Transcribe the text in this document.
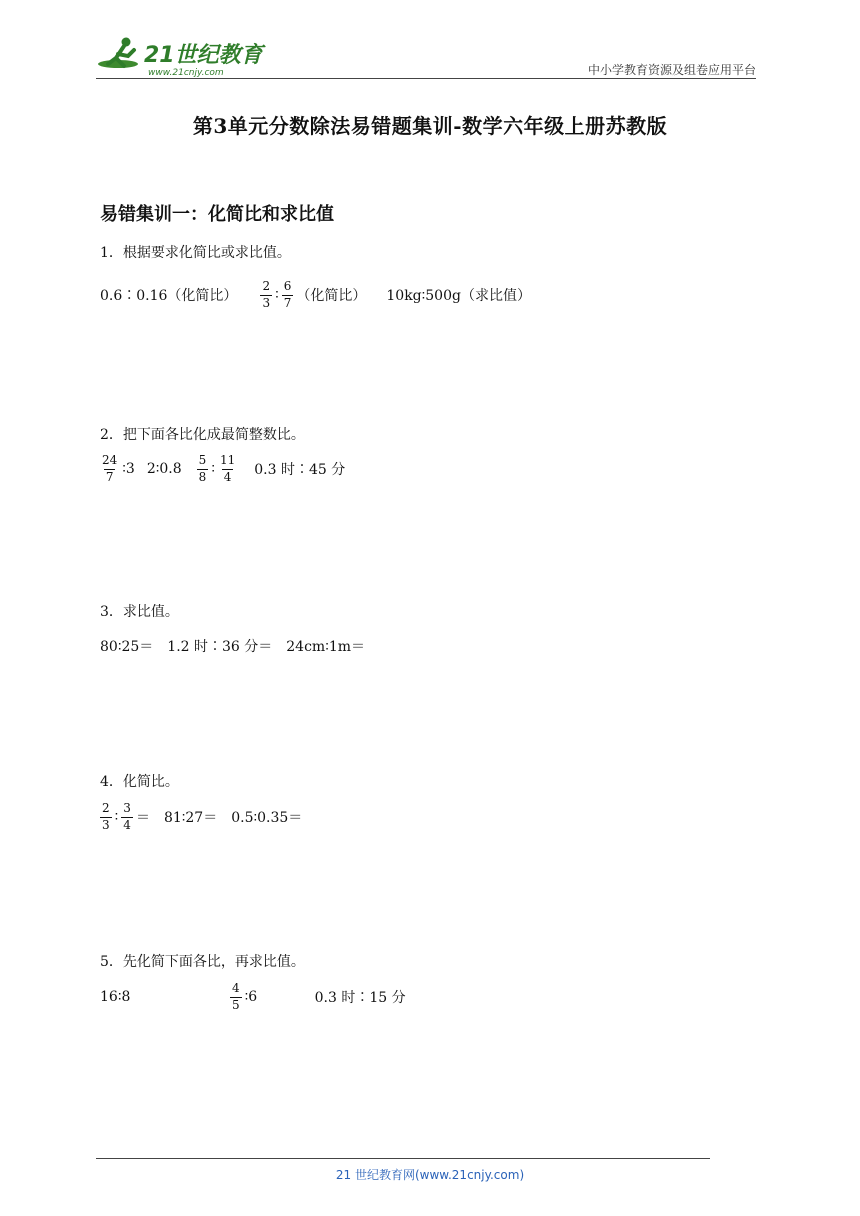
21世纪教育
www.21cnjy.com	中小学教育资源及组卷应用平台
第3单元分数除法易错题集训-数学六年级上册苏教版
易错集训一：化简比和求比值
1．根据要求化简比或求比值。
0.6∶0.16（化简比） $\frac{2}{3}$ ∶ $\frac{6}{7}$ （化简比） 10kg∶500g（求比值）
2．把下面各比化成最简整数比。
$\frac{24}{7}$ ∶3 2∶0.8 $\frac{5}{8}$ ∶ $\frac{11}{4} 0.3$ 时∶45 分
3．求比值。
80∶25＝ 1.2 时∶36 分＝ 24cm∶1m＝
4．化简比。
$\frac{2}{3}$ ∶ $\frac{3}{4}$ ＝ 81∶27＝ 0.5∶0.35＝
5．先化简下面各比，再求比值。
16∶8	$\frac{4}{5}$ ∶6	0.3 时∶15 分
21 世纪教育网(www.21cnjy.com)
